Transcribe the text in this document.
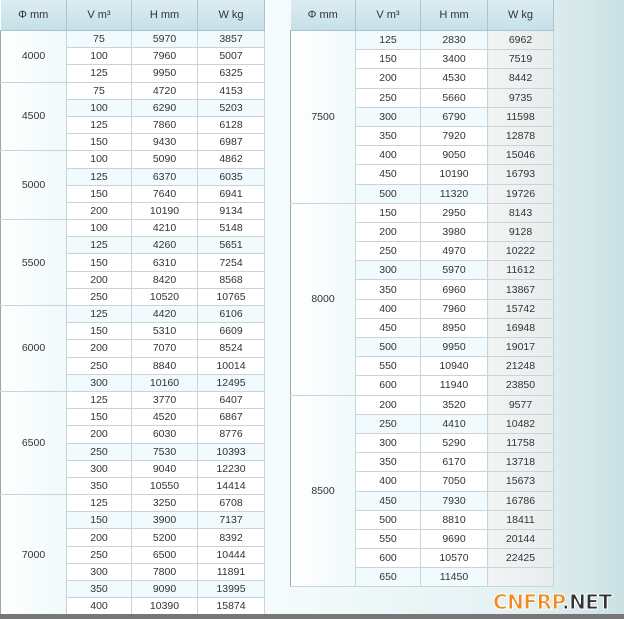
Φ mm	V m³	H mm	W kg
4000	75	5970	3857
	100	7960	5007
	125	9950	6325
4500	75	4720	4153
	100	6290	5203
	125	7860	6128
	150	9430	6987
5000	100	5090	4862
	125	6370	6035
	150	7640	6941
	200	10190	9134
5500	100	4210	5148
	125	4260	5651
	150	6310	7254
	200	8420	8568
	250	10520	10765
6000	125	4420	6106
	150	5310	6609
	200	7070	8524
	250	8840	10014
	300	10160	12495
6500	125	3770	6407
	150	4520	6867
	200	6030	8776
	250	7530	10393
	300	9040	12230
	350	10550	14414
7000	125	3250	6708
	150	3900	7137
	200	5200	8392
	250	6500	10444
	300	7800	11891
	350	9090	13995
	400	10390	15874
Φ mm	V m³	H mm	W kg
7500	125	2830	6962
	150	3400	7519
	200	4530	8442
	250	5660	9735
	300	6790	11598
	350	7920	12878
	400	9050	15046
	450	10190	16793
	500	11320	19726
8000	150	2950	8143
	200	3980	9128
	250	4970	10222
	300	5970	11612
	350	6960	13867
	400	7960	15742
	450	8950	16948
	500	9950	19017
	550	10940	21248
	600	11940	23850
8500	200	3520	9577
	250	4410	10482
	300	5290	11758
	350	6170	13718
	400	7050	15673
	450	7930	16786
	500	8810	18411
	550	9690	20144
	600	10570	22425
	650	11450	
CNFRP.NET
